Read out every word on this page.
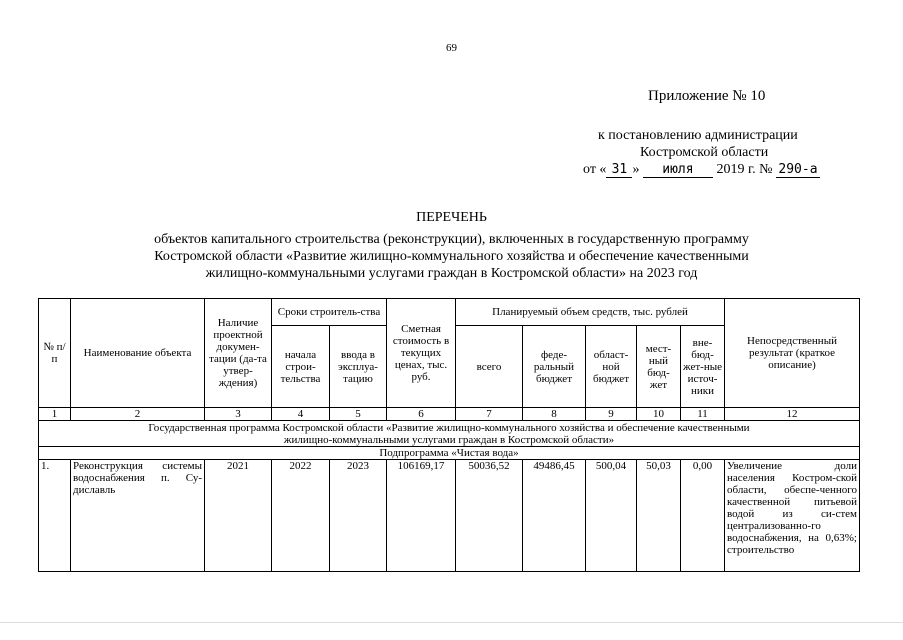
69
Приложение № 10
к постановлению администрации
Костромской области
от « 31 » июля 2019 г. № 290-а
ПЕРЕЧЕНЬ
объектов капитального строительства (реконструкции), включенных в государственную программу
Костромской области «Развитие жилищно-коммунального хозяйства и обеспечение качественными
жилищно-коммунальными услугами граждан в Костромской области» на 2023 год
№ п/п	Наименование объекта	Наличие проектной докумен-тации (да-та утвер-ждения)	Сроки строитель-ства		Сметная стоимость в текущих ценах, тыс. руб.	Планируемый объем средств, тыс. рублей					Непосредственный результат (краткое описание)
			начала строи-тельства	ввода в эксплуа-тацию		всего	феде-ральный бюджет	област-ной бюджет	мест-ный бюд-жет	вне-бюд-жет-ные источ-ники	
1	2	3	4	5	6	7	8	9	10	11	12

Государственная программа Костромской области «Развитие жилищно-коммунального хозяйства и обеспечение качественными
жилищно-коммунальными услугами граждан в Костромской области»											

Подпрограмма «Чистая вода»											
1.	Реконструкция системы водоснабжения п. Су-диславль	2021	2022	2023	106169,17	50036,52	49486,45	500,04	50,03	0,00	Увеличение доли населения Костром-ской области, обеспе-ченного качественной питьевой водой из си-стем централизованно-го водоснабжения, на 0,63%; строительство
